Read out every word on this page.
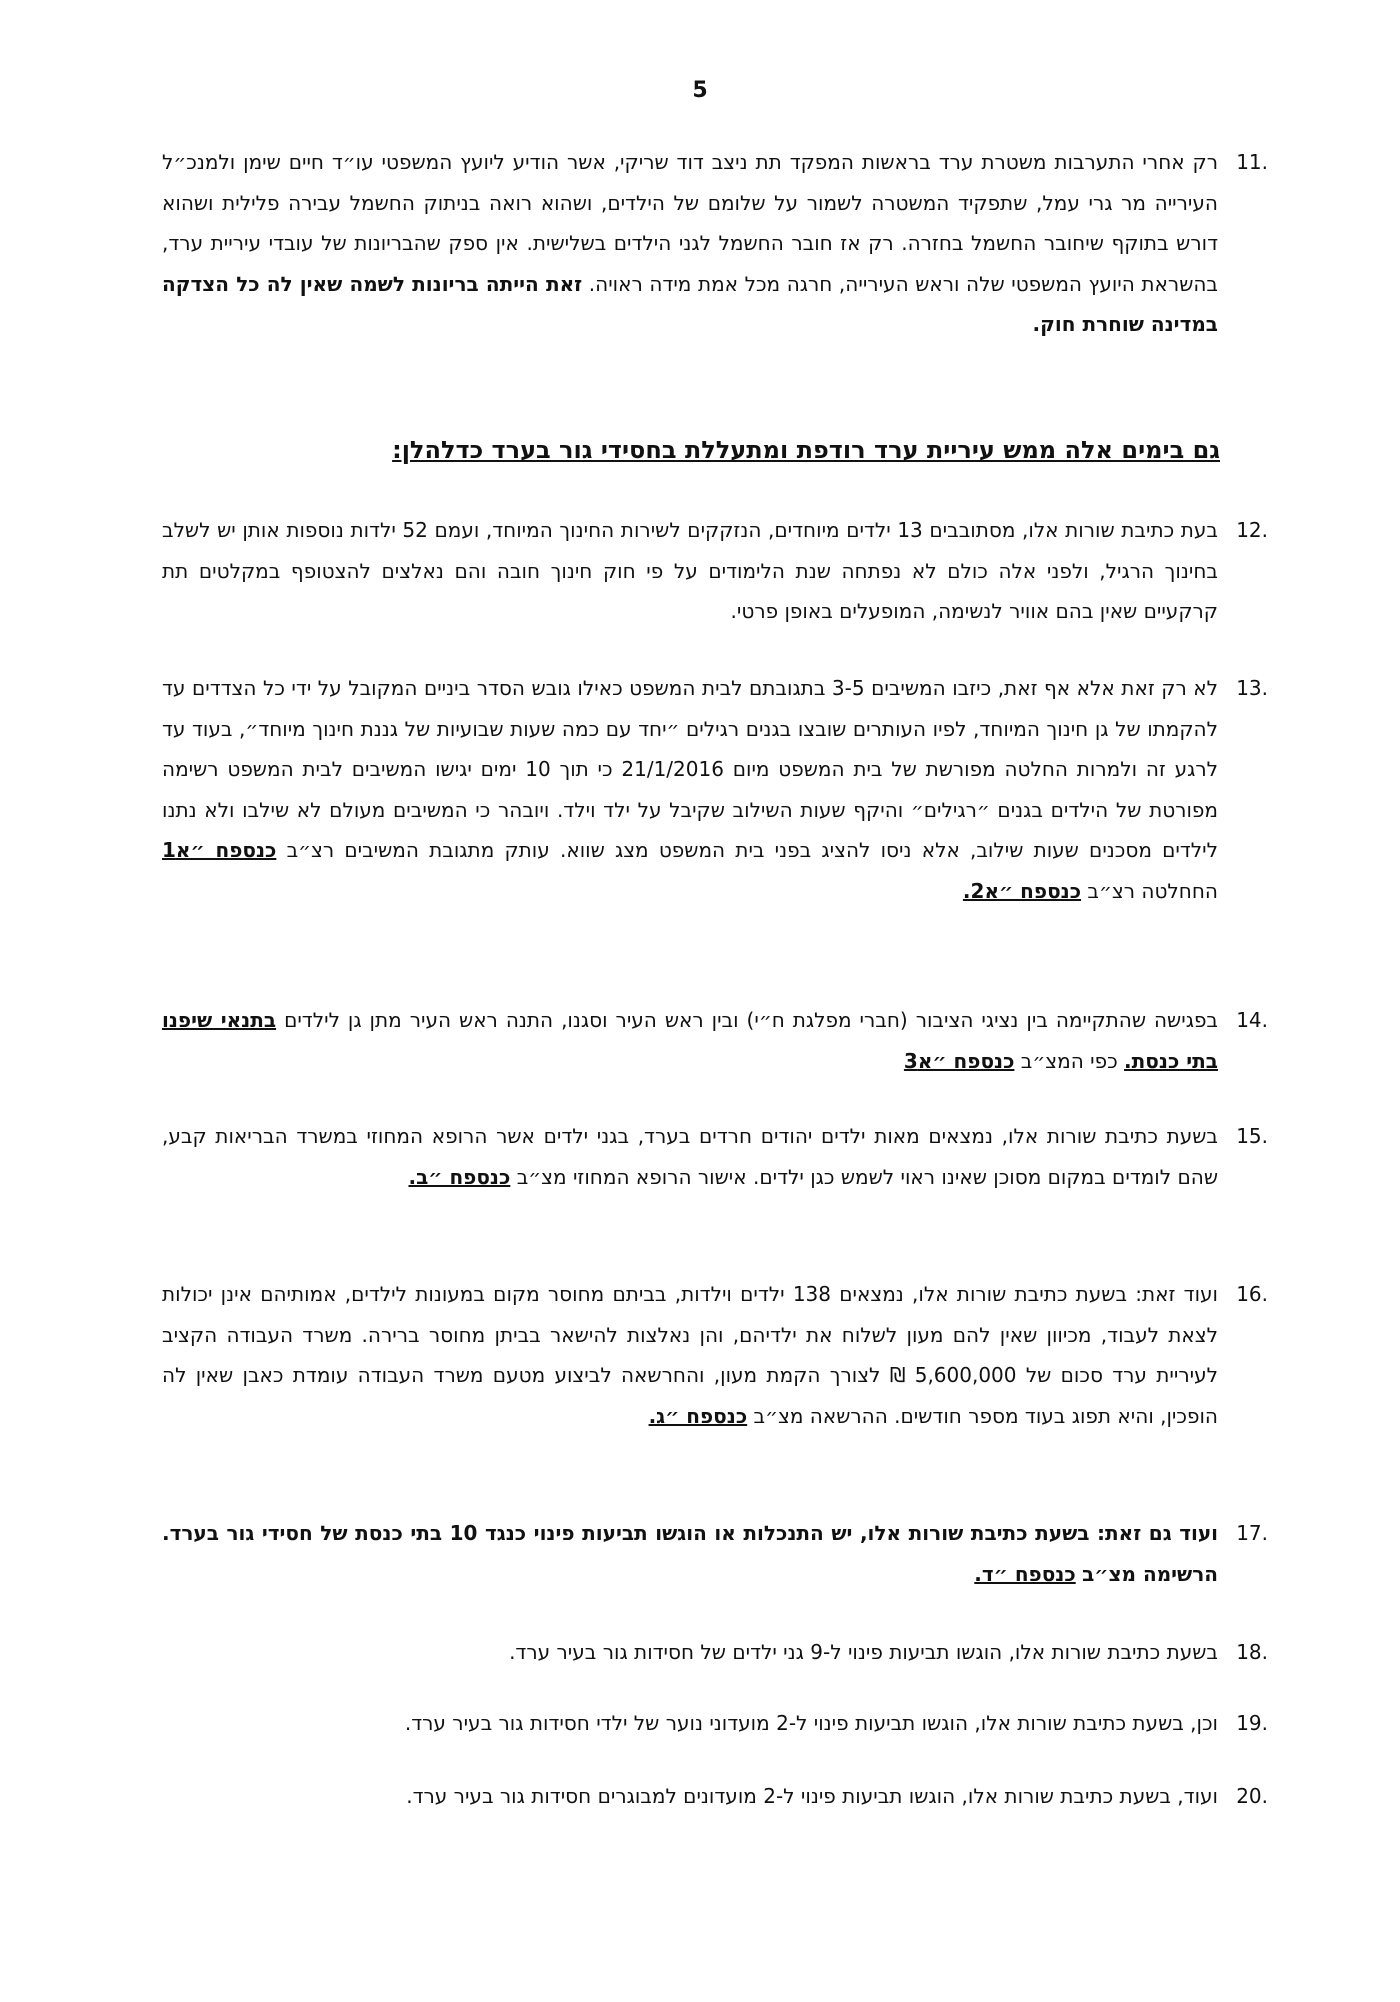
5
11.
רק אחרי התערבות משטרת ערד בראשות המפקד תת ניצב דוד שריקי, אשר הודיע ליועץ המשפטי עו״ד חיים שימן ולמנכ״ל העירייה מר גרי עמל, שתפקיד המשטרה לשמור על שלומם של הילדים, ושהוא רואה בניתוק החשמל עבירה פלילית ושהוא דורש בתוקף שיחובר החשמל בחזרה. רק אז חובר החשמל לגני הילדים בשלישית. אין ספק שהבריונות של עובדי עיריית ערד, בהשראת היועץ המשפטי שלה וראש העירייה, חרגה מכל אמת מידה ראויה. זאת הייתה בריונות לשמה שאין לה כל הצדקה במדינה שוחרת חוק.
גם בימים אלה ממש עיריית ערד רודפת ומתעללת בחסידי גור בערד כדלהלן:
12.
בעת כתיבת שורות אלו, מסתובבים 13 ילדים מיוחדים, הנזקקים לשירות החינוך המיוחד, ועמם 52 ילדות נוספות אותן יש לשלב בחינוך הרגיל, ולפני אלה כולם לא נפתחה שנת הלימודים על פי חוק חינוך חובה והם נאלצים להצטופף במקלטים תת קרקעיים שאין בהם אוויר לנשימה, המופעלים באופן פרטי.
13.
לא רק זאת אלא אף זאת, כיזבו המשיבים 3-5 בתגובתם לבית המשפט כאילו גובש הסדר ביניים המקובל על ידי כל הצדדים עד להקמתו של גן חינוך המיוחד, לפיו העותרים שובצו בגנים רגילים ״יחד עם כמה שעות שבועיות של גננת חינוך מיוחד״, בעוד עד לרגע זה ולמרות החלטה מפורשת של בית המשפט מיום 21/1/2016 כי תוך 10 ימים יגישו המשיבים לבית המשפט רשימה מפורטת של הילדים בגנים ״רגילים״ והיקף שעות השילוב שקיבל על ילד וילד. ויובהר כי המשיבים מעולם לא שילבו ולא נתנו לילדים מסכנים שעות שילוב, אלא ניסו להציג בפני בית המשפט מצג שווא. עותק מתגובת המשיבים רצ״ב כנספח ״א1 החחלטה רצ״ב כנספח ״א2.
14.
בפגישה שהתקיימה בין נציגי הציבור (חברי מפלגת ח״י) ובין ראש העיר וסגנו, התנה ראש העיר מתן גן לילדים בתנאי שיפנו בתי כנסת. כפי המצ״ב כנספח ״א3
15.
בשעת כתיבת שורות אלו, נמצאים מאות ילדים יהודים חרדים בערד, בגני ילדים אשר הרופא המחוזי במשרד הבריאות קבע, שהם לומדים במקום מסוכן שאינו ראוי לשמש כגן ילדים. אישור הרופא המחוזי מצ״ב כנספח ״ב.
16.
ועוד זאת: בשעת כתיבת שורות אלו, נמצאים 138 ילדים וילדות, בביתם מחוסר מקום במעונות לילדים, אמותיהם אינן יכולות לצאת לעבוד, מכיוון שאין להם מעון לשלוח את ילדיהם, והן נאלצות להישאר בביתן מחוסר ברירה. משרד העבודה הקציב לעיריית ערד סכום של 5,600,000 ₪ לצורך הקמת מעון, והחרשאה לביצוע מטעם משרד העבודה עומדת כאבן שאין לה הופכין, והיא תפוג בעוד מספר חודשים. ההרשאה מצ״ב כנספח ״ג.
17.
ועוד גם זאת: בשעת כתיבת שורות אלו, יש התנכלות או הוגשו תביעות פינוי כנגד 10 בתי כנסת של חסידי גור בערד. הרשימה מצ״ב כנספח ״ד.
18.
בשעת כתיבת שורות אלו, הוגשו תביעות פינוי ל-9 גני ילדים של חסידות גור בעיר ערד.
19.
וכן, בשעת כתיבת שורות אלו, הוגשו תביעות פינוי ל-2 מועדוני נוער של ילדי חסידות גור בעיר ערד.
20.
ועוד, בשעת כתיבת שורות אלו, הוגשו תביעות פינוי ל-2 מועדונים למבוגרים חסידות גור בעיר ערד.
